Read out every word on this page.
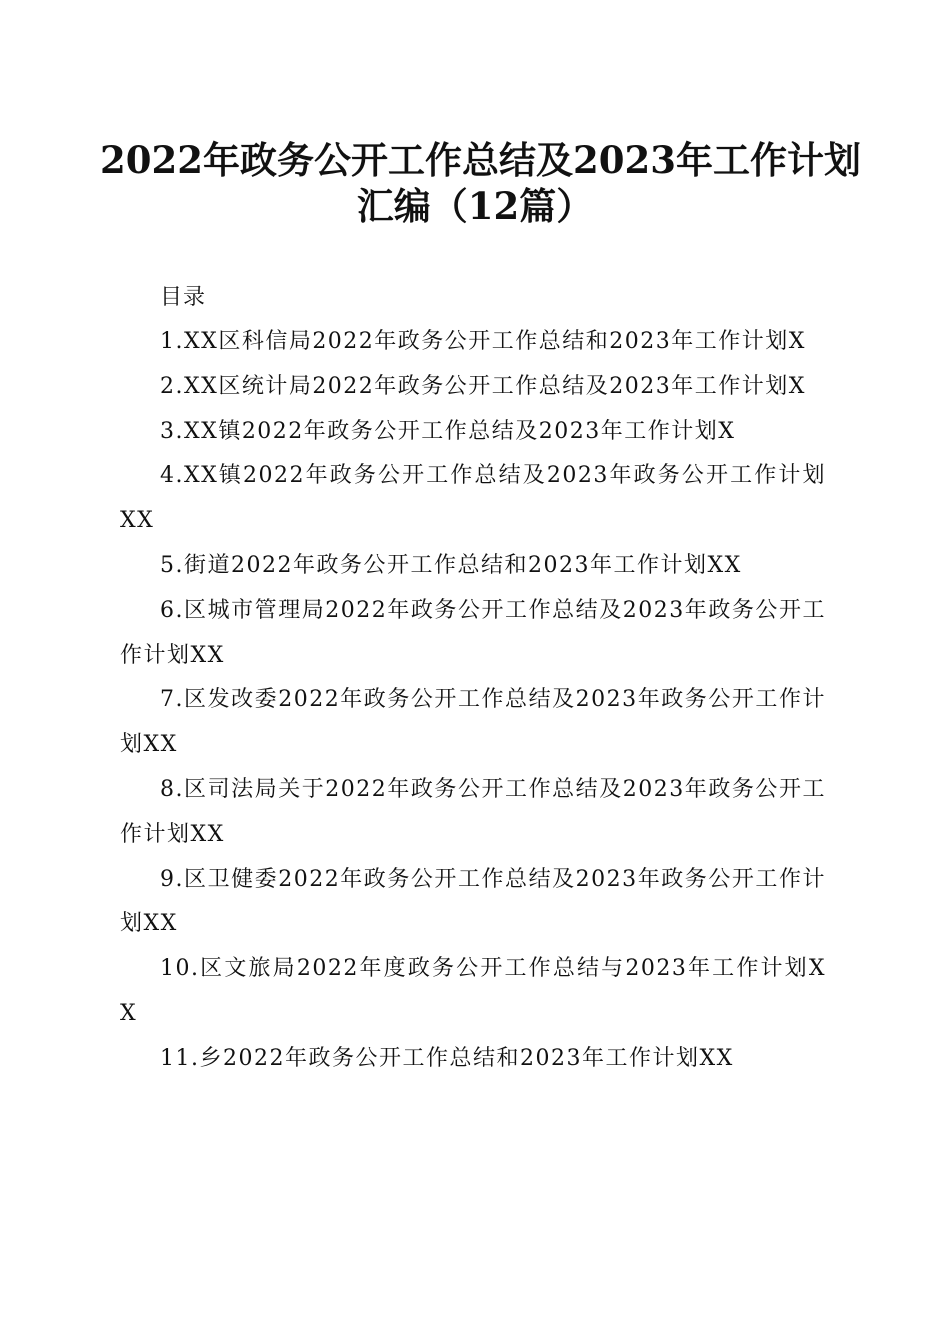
2022年政务公开工作总结及2023年工作计划
汇编（12篇）
目录

1.XX区科信局2022年政务公开工作总结和2023年工作计划X

2.XX区统计局2022年政务公开工作总结及2023年工作计划X

3.XX镇2022年政务公开工作总结及2023年工作计划X

4.XX镇2022年政务公开工作总结及2023年政务公开工作计划XX

5.街道2022年政务公开工作总结和2023年工作计划XX

6.区城市管理局2022年政务公开工作总结及2023年政务公开工作计划XX

7.区发改委2022年政务公开工作总结及2023年政务公开工作计划XX

8.区司法局关于2022年政务公开工作总结及2023年政务公开工作计划XX

9.区卫健委2022年政务公开工作总结及2023年政务公开工作计划XX

10.区文旅局2022年度政务公开工作总结与2023年工作计划XX

11.乡2022年政务公开工作总结和2023年工作计划XX
